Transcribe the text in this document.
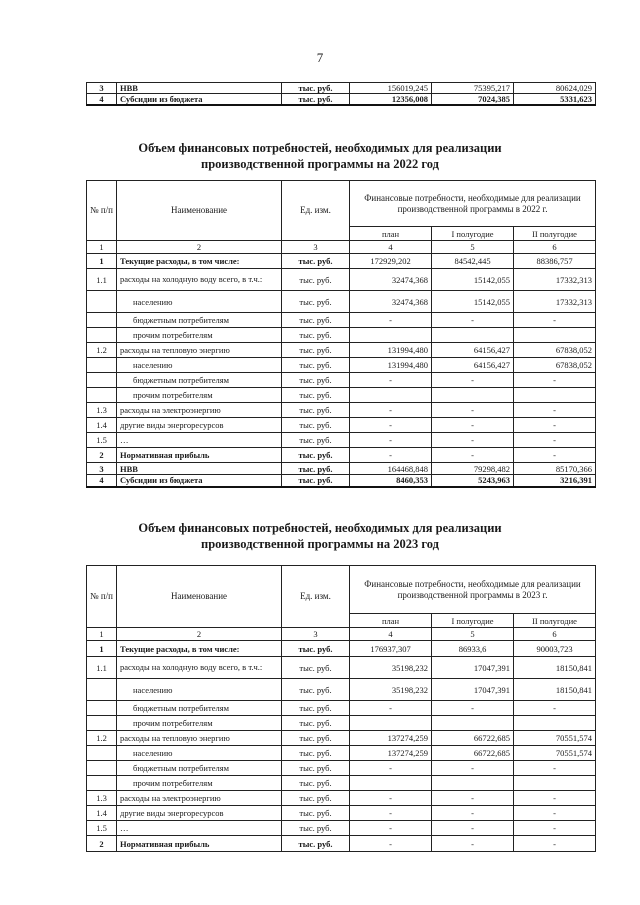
7
3	НВВ	тыс. руб.	156019,245	75395,217	80624,029
4	Субсидии из бюджета	тыс. руб.	12356,008	7024,385	5331,623
Объем финансовых потребностей, необходимых для реализации
производственной программы на 2022 год
№ п/п	Наименование	Ед. изм.	Финансовые потребности, необходимые для реализации производственной программы в 2022 г.		
			план	I полугодие	II полугодие
1	2	3	4	5	6
1	Текущие расходы, в том числе:	тыс. руб.	172929,202	84542,445	88386,757
1.1	расходы на холодную воду всего, в т.ч.:	тыс. руб.	32474,368	15142,055	17332,313
	населению	тыс. руб.	32474,368	15142,055	17332,313
	бюджетным потребителям	тыс. руб.	-	-	-
	прочим потребителям	тыс. руб.			
1.2	расходы на тепловую энергию	тыс. руб.	131994,480	64156,427	67838,052
	населению	тыс. руб.	131994,480	64156,427	67838,052
	бюджетным потребителям	тыс. руб.	-	-	-
	прочим потребителям	тыс. руб.			
1.3	расходы на электроэнергию	тыс. руб.	-	-	-
1.4	другие виды энергоресурсов	тыс. руб.	-	-	-
1.5	…	тыс. руб.	-	-	-
2	Нормативная прибыль	тыс. руб.	-	-	-
3	НВВ	тыс. руб.	164468,848	79298,482	85170,366
4	Субсидии из бюджета	тыс. руб.	8460,353	5243,963	3216,391
Объем финансовых потребностей, необходимых для реализации
производственной программы на 2023 год
№ п/п	Наименование	Ед. изм.	Финансовые потребности, необходимые для реализации производственной программы в 2023 г.		
			план	I полугодие	II полугодие
1	2	3	4	5	6
1	Текущие расходы, в том числе:	тыс. руб.	176937,307	86933,6	90003,723
1.1	расходы на холодную воду всего, в т.ч.:	тыс. руб.	35198,232	17047,391	18150,841
	населению	тыс. руб.	35198,232	17047,391	18150,841
	бюджетным потребителям	тыс. руб.	-	-	-
	прочим потребителям	тыс. руб.			
1.2	расходы на тепловую энергию	тыс. руб.	137274,259	66722,685	70551,574
	населению	тыс. руб.	137274,259	66722,685	70551,574
	бюджетным потребителям	тыс. руб.	-	-	-
	прочим потребителям	тыс. руб.			
1.3	расходы на электроэнергию	тыс. руб.	-	-	-
1.4	другие виды энергоресурсов	тыс. руб.	-	-	-
1.5	…	тыс. руб.	-	-	-
2	Нормативная прибыль	тыс. руб.	-	-	-
